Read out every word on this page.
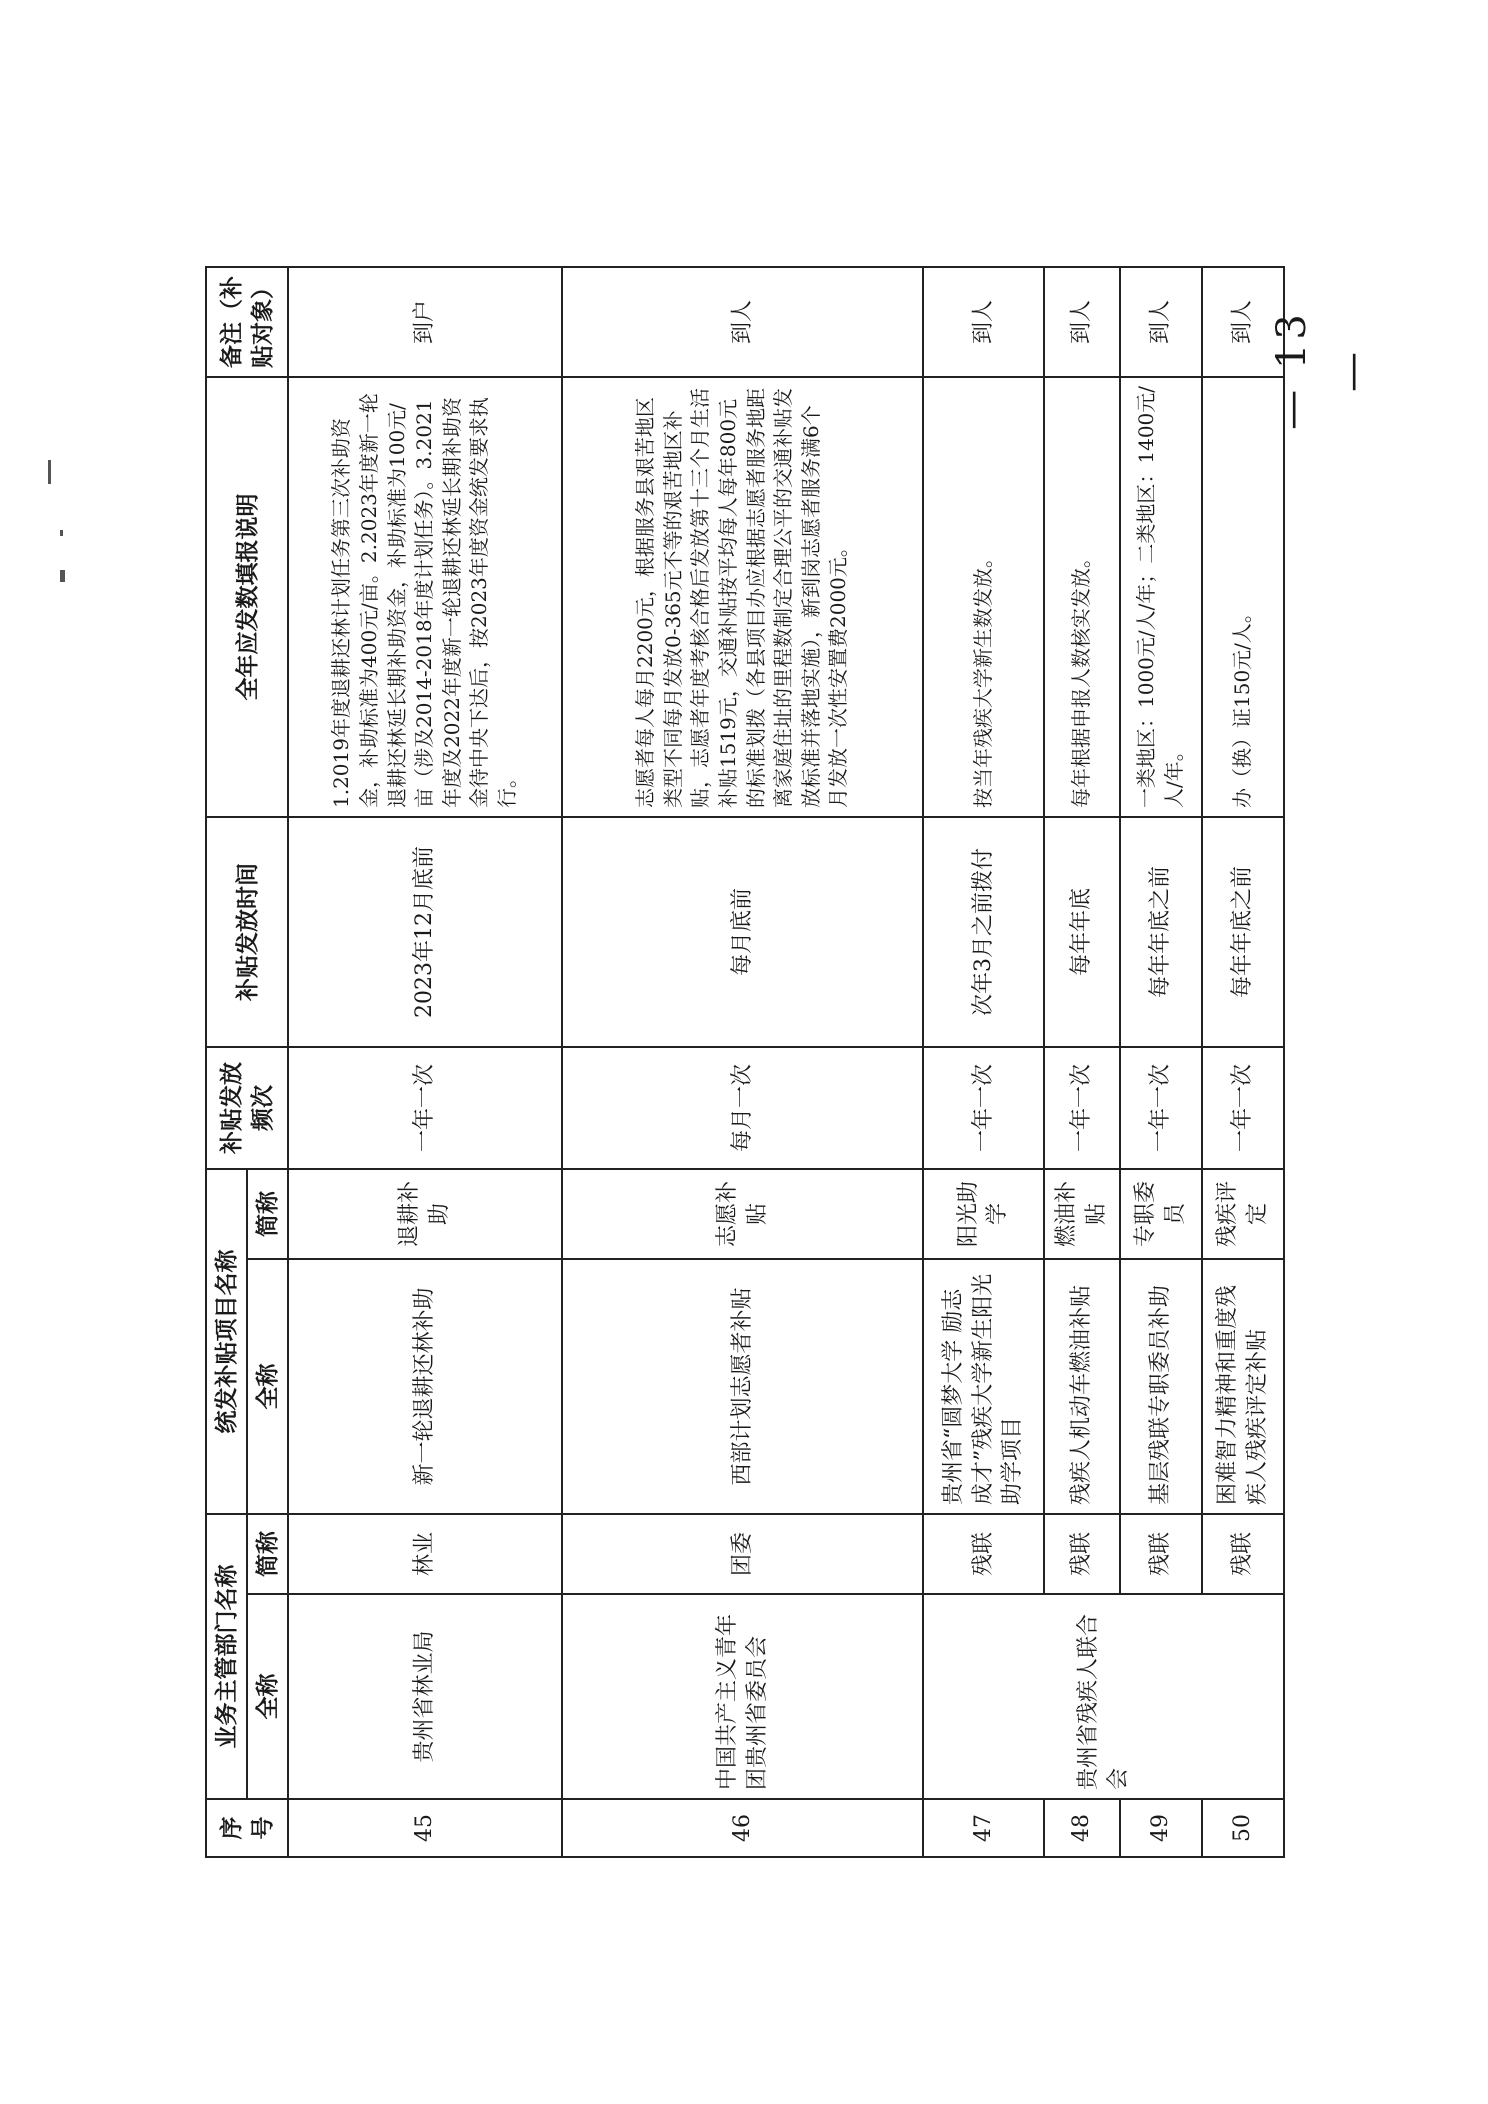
序号	业务主管部门名称		统发补贴项目名称		补贴发放频次	补贴发放时间	全年应发数填报说明	备注（补贴对象）
	全称	简称	全称	简称				
45	贵州省林业局	林业	新一轮退耕还林补助	退耕补助	一年一次	2023年12月底前	1.2019年度退耕还林计划任务第三次补助资金，补助标准为400元/亩。2.2023年度新一轮退耕还林延长期补助资金，补助标准为100元/亩（涉及2014-2018年度计划任务）。3.2021年度及2022年度新一轮退耕还林延长期补助资金待中央下达后，按2023年度资金统发要求执行。	到户
46	中国共产主义青年团贵州省委员会	团委	西部计划志愿者补贴	志愿补贴	每月一次	每月底前	志愿者每人每月2200元，根据服务县艰苦地区类型不同每月发放0-365元不等的艰苦地区补贴，志愿者年度考核合格后发放第十三个月生活补贴1519元，交通补贴按平均每人每年800元的标准划拨（各县项目办应根据志愿者服务地距离家庭住址的里程数制定合理公平的交通补贴发放标准并落地实施），新到岗志愿者服务满6个月发放一次性安置费2000元。	到人
47	贵州省残疾人联合会	残联	贵州省“圆梦大学 励志成才”残疾大学新生阳光助学项目	阳光助学	一年一次	次年3月之前拨付	按当年残疾大学新生数发放。	到人
48		残联	残疾人机动车燃油补贴	燃油补贴	一年一次	每年年底	每年根据申报人数核实发放。	到人
49		残联	基层残联专职委员补助	专职委员	一年一次	每年年底之前	一类地区：1000元/人/年；二类地区：1400元/人/年。	到人
50		残联	困难智力精神和重度残疾人残疾评定补贴	残疾评定	一年一次	每年年底之前	办（换）证150元/人。	到人 — 13 —
